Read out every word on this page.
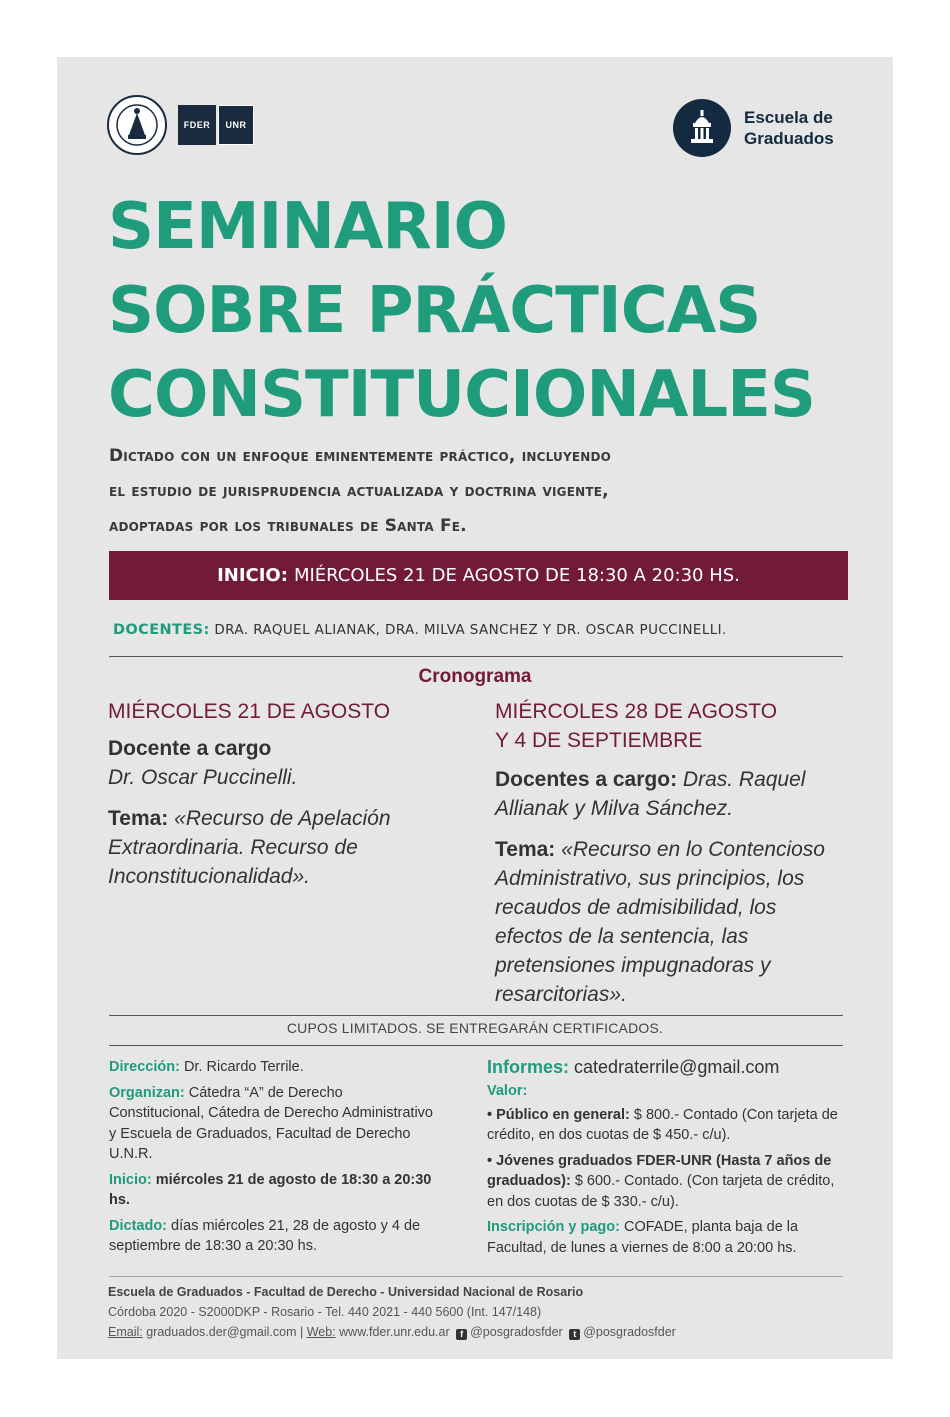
FDER	UNR	Escuela de
Graduados
SEMINARIO
SOBRE PRÁCTICAS
CONSTITUCIONALES
Dictado con un enfoque eminentemente práctico, incluyendo
el estudio de jurisprudencia actualizada y doctrina vigente,
adoptadas por los tribunales de Santa Fe.
INICIO: MIÉRCOLES 21 DE AGOSTO DE 18:30 A 20:30 HS.
DOCENTES: DRA. RAQUEL ALIANAK, DRA. MILVA SANCHEZ Y DR. OSCAR PUCCINELLI.
Cronograma
MIÉRCOLES 21 DE AGOSTO
Docente a cargo
Dr. Oscar Puccinelli.
Tema: «Recurso de Apelación Extraordinaria. Recurso de Inconstitucionalidad».
MIÉRCOLES 28 DE AGOSTO
Y 4 DE SEPTIEMBRE
Docentes a cargo: Dras. Raquel Allianak y Milva Sánchez.
Tema: «Recurso en lo Contencioso Administrativo, sus principios, los recaudos de admisibilidad, los efectos de la sentencia, las pretensiones impugnadoras y resarcitorias».
CUPOS LIMITADOS. SE ENTREGARÁN CERTIFICADOS.

Dirección: Dr. Ricardo Terrile.

Organizan: Cátedra “A” de Derecho Constitucional, Cátedra de Derecho Administrativo y Escuela de Graduados, Facultad de Derecho U.N.R.

Inicio: miércoles 21 de agosto de 18:30 a 20:30 hs.

Dictado: días miércoles 21, 28 de agosto y 4 de septiembre de 18:30 a 20:30 hs.

Informes: catedraterrile@gmail.com

Valor:

• Público en general: $ 800.- Contado (Con tarjeta de crédito, en dos cuotas de $ 450.- c/u).

• Jóvenes graduados FDER-UNR (Hasta 7 años de graduados): $ 600.- Contado. (Con tarjeta de crédito, en dos cuotas de $ 330.- c/u).

Inscripción y pago: COFADE, planta baja de la Facultad, de lunes a viernes de 8:00 a 20:00 hs.

Escuela de Graduados - Facultad de Derecho - Universidad Nacional de Rosario
Córdoba 2020 - S2000DKP - Rosario - Tel. 440 2021 - 440 5600 (Int. 147/148)
Email: graduados.der@gmail.com | Web: www.fder.unr.edu.ar f @posgradosfder t @posgradosfder
